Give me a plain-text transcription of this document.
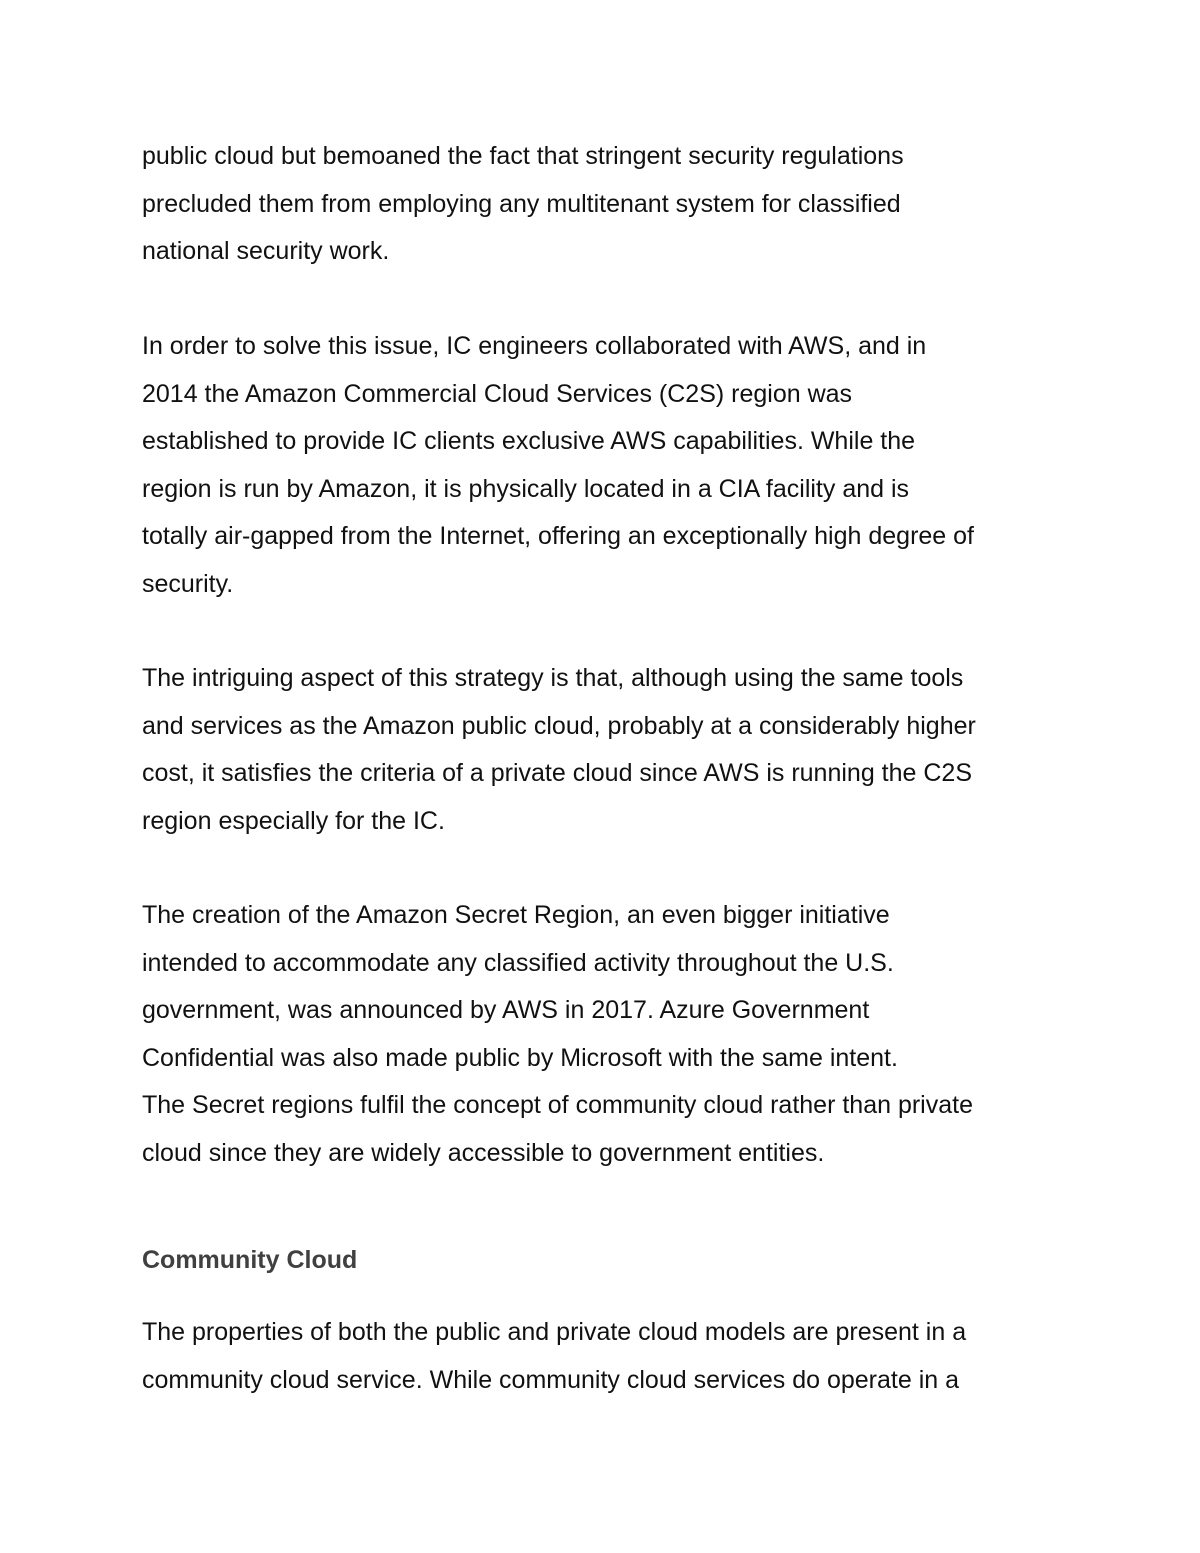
public cloud but bemoaned the fact that stringent security regulations
precluded them from employing any multitenant system for classified
national security work.

In order to solve this issue, IC engineers collaborated with AWS, and in
2014 the Amazon Commercial Cloud Services (C2S) region was
established to provide IC clients exclusive AWS capabilities. While the
region is run by Amazon, it is physically located in a CIA facility and is
totally air-gapped from the Internet, offering an exceptionally high degree of
security.

The intriguing aspect of this strategy is that, although using the same tools
and services as the Amazon public cloud, probably at a considerably higher
cost, it satisfies the criteria of a private cloud since AWS is running the C2S
region especially for the IC.

The creation of the Amazon Secret Region, an even bigger initiative
intended to accommodate any classified activity throughout the U.S.
government, was announced by AWS in 2017. Azure Government
Confidential was also made public by Microsoft with the same intent.
The Secret regions fulfil the concept of community cloud rather than private
cloud since they are widely accessible to government entities.

Community Cloud

The properties of both the public and private cloud models are present in a
community cloud service. While community cloud services do operate in a
